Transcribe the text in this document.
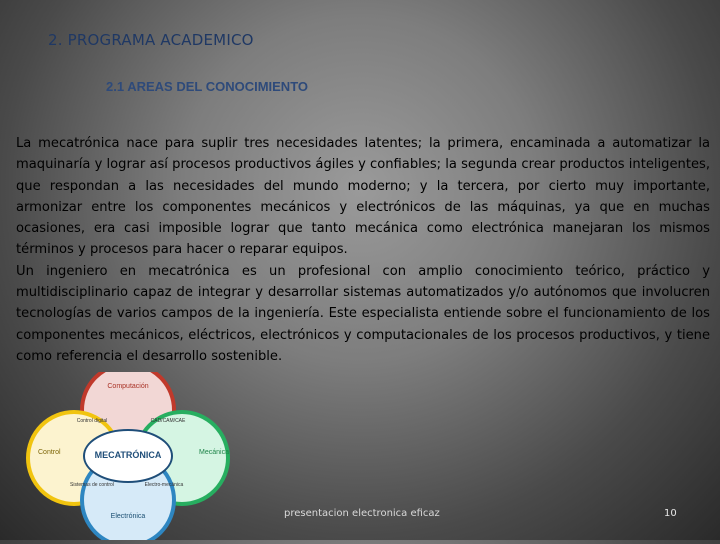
2. PROGRAMA ACADEMICO
2.1 AREAS DEL CONOCIMIENTO

La mecatrónica nace para suplir tres necesidades latentes; la primera, encaminada a automatizar la maquinaría y lograr así procesos productivos ágiles y confiables; la segunda crear productos inteligentes, que respondan a las necesidades del mundo moderno; y la tercera, por cierto muy importante, armonizar entre los componentes mecánicos y electrónicos de las máquinas, ya que en muchas ocasiones, era casi imposible lograr que tanto mecánica como electrónica manejaran los mismos términos y procesos para hacer o reparar equipos.

Un ingeniero en mecatrónica es un profesional con amplio conocimiento teórico, práctico y multidisciplinario capaz de integrar y desarrollar sistemas automatizados y/o autónomos que involucren tecnologías de varios campos de la ingeniería. Este especialista entiende sobre el funcionamiento de los componentes mecánicos, eléctricos, electrónicos y computacionales de los procesos productivos, y tiene como referencia el desarrollo sostenible.

Computación
Control	Mecánica
Electrónica
MECATRÓNICA
Control digital	CAD/CAM/CAE
Sistemas de control	Electro-mecánica
presentacion electronica eficaz	10
